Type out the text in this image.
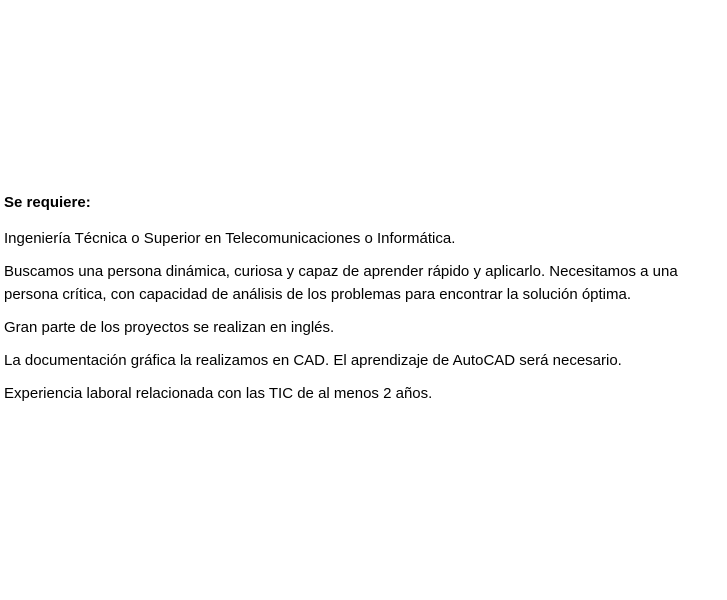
Se requiere:

Ingeniería Técnica o Superior en Telecomunicaciones o Informática.

Buscamos una persona dinámica, curiosa y capaz de aprender rápido y aplicarlo. Necesitamos a una persona crítica, con capacidad de análisis de los problemas para encontrar la solución óptima.

Gran parte de los proyectos se realizan en inglés.

La documentación gráfica la realizamos en CAD. El aprendizaje de AutoCAD será necesario.

Experiencia laboral relacionada con las TIC de al menos 2 años.
